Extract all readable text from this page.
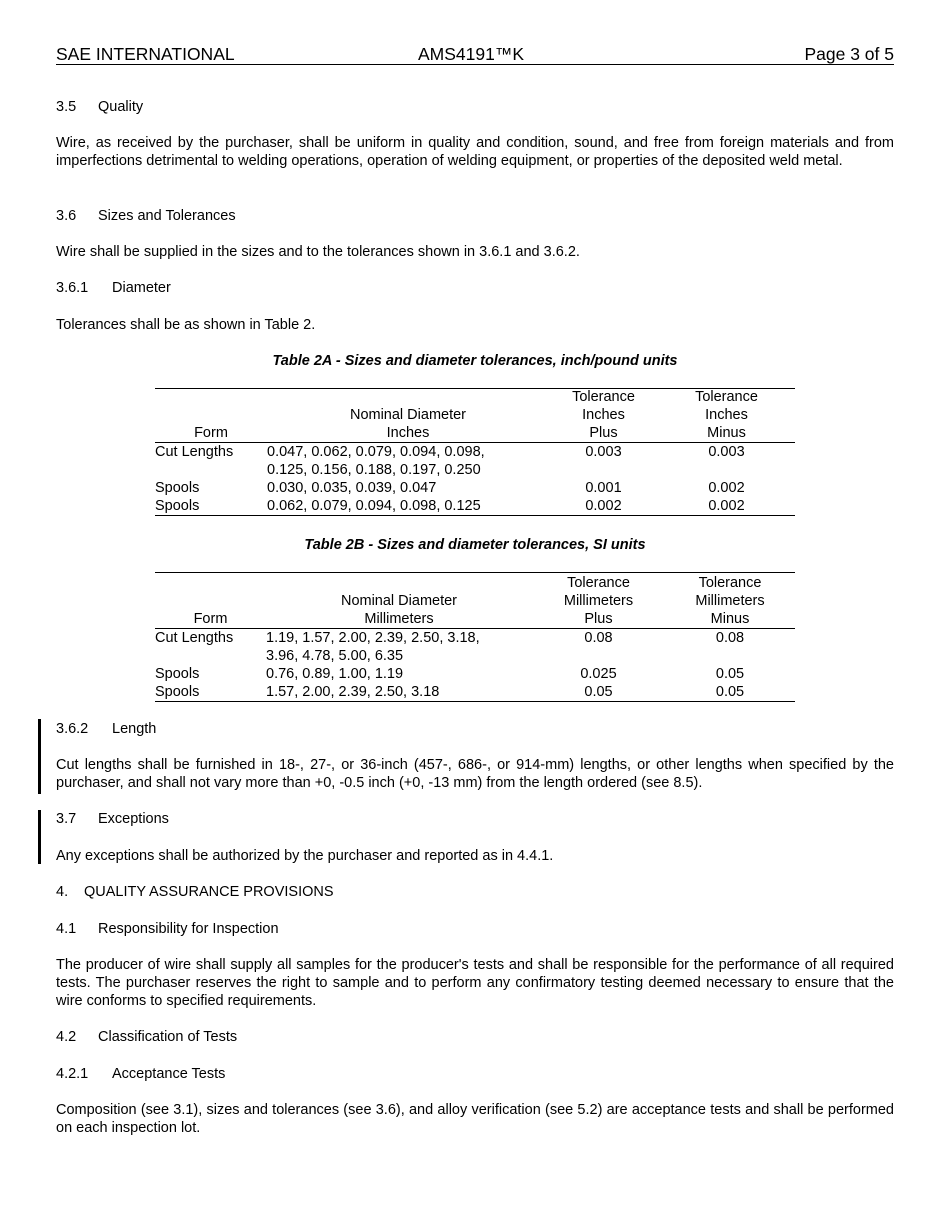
SAE INTERNATIONAL	AMS4191™K	Page 3 of 5
3.5 Quality
Wire, as received by the purchaser, shall be uniform in quality and condition, sound, and free from foreign materials and from imperfections detrimental to welding operations, operation of welding equipment, or properties of the deposited weld metal.
3.6 Sizes and Tolerances
Wire shall be supplied in the sizes and to the tolerances shown in 3.6.1 and 3.6.2.
3.6.1 Diameter
Tolerances shall be as shown in Table 2.
Table 2A - Sizes and diameter tolerances, inch/pound units
		Tolerance	Tolerance
	Nominal Diameter	Inches	Inches
Form	Inches	Plus	Minus
Cut Lengths	0.047, 0.062, 0.079, 0.094, 0.098,
0.125, 0.156, 0.188, 0.197, 0.250	0.003	0.003
Spools	0.030, 0.035, 0.039, 0.047	0.001	0.002
Spools	0.062, 0.079, 0.094, 0.098, 0.125	0.002	0.002
Table 2B - Sizes and diameter tolerances, SI units
		Tolerance	Tolerance
	Nominal Diameter	Millimeters	Millimeters
Form	Millimeters	Plus	Minus
Cut Lengths	1.19, 1.57, 2.00, 2.39, 2.50, 3.18,
3.96, 4.78, 5.00, 6.35	0.08	0.08
Spools	0.76, 0.89, 1.00, 1.19	0.025	0.05
Spools	1.57, 2.00, 2.39, 2.50, 3.18	0.05	0.05
3.6.2 Length
Cut lengths shall be furnished in 18-, 27-, or 36-inch (457-, 686-, or 914-mm) lengths, or other lengths when specified by the purchaser, and shall not vary more than +0, -0.5 inch (+0, -13 mm) from the length ordered (see 8.5).
3.7 Exceptions
Any exceptions shall be authorized by the purchaser and reported as in 4.4.1.
4. QUALITY ASSURANCE PROVISIONS
4.1 Responsibility for Inspection
The producer of wire shall supply all samples for the producer's tests and shall be responsible for the performance of all required tests. The purchaser reserves the right to sample and to perform any confirmatory testing deemed necessary to ensure that the wire conforms to specified requirements.
4.2 Classification of Tests
4.2.1 Acceptance Tests
Composition (see 3.1), sizes and tolerances (see 3.6), and alloy verification (see 5.2) are acceptance tests and shall be performed on each inspection lot.
